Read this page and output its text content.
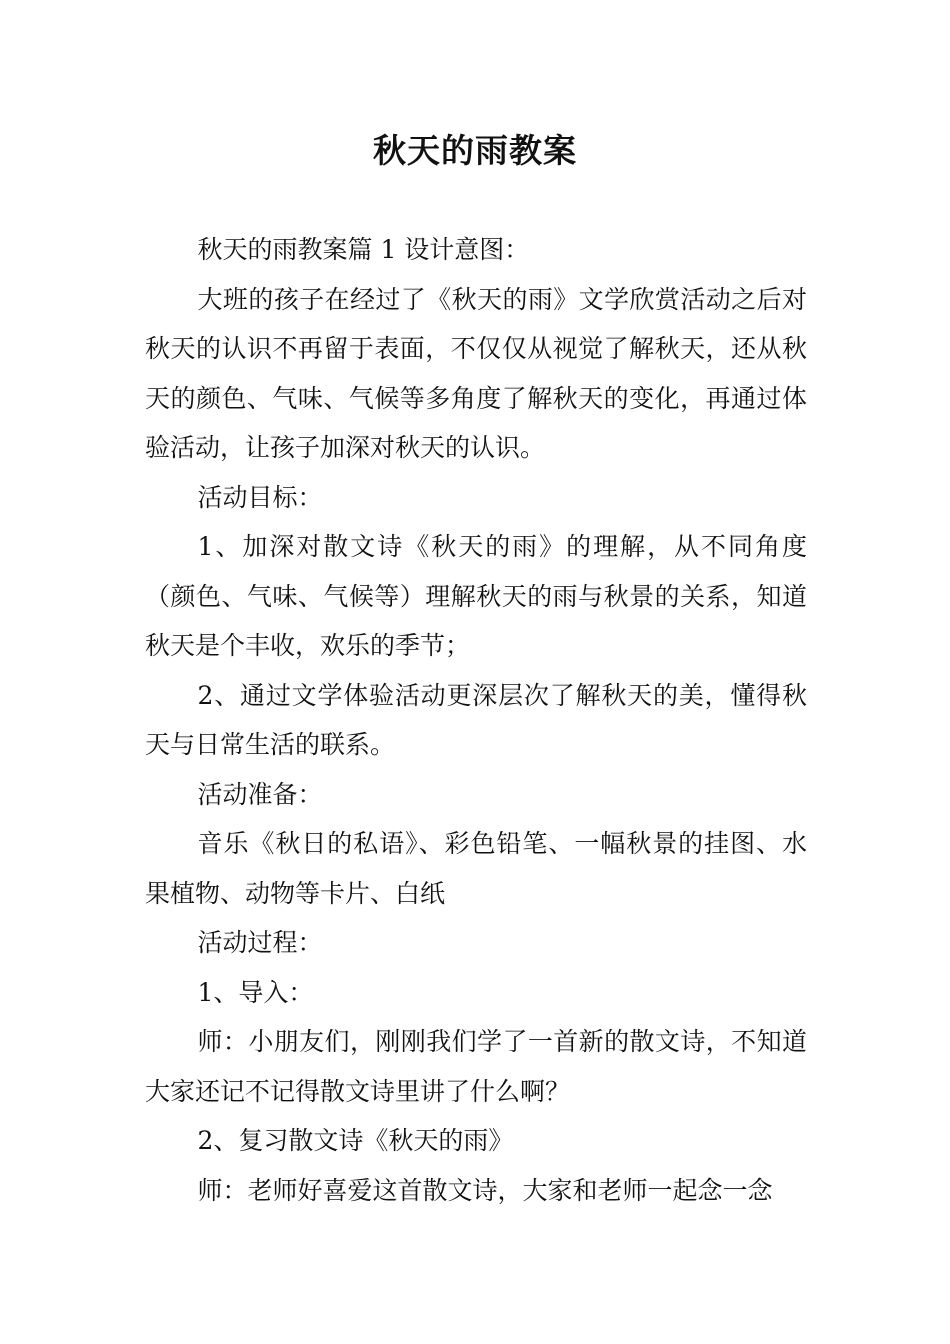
秋天的雨教案

秋天的雨教案篇 1 设计意图：

大班的孩子在经过了《秋天的雨》文学欣赏活动之后对秋天的认识不再留于表面，不仅仅从视觉了解秋天，还从秋天的颜色、气味、气候等多角度了解秋天的变化，再通过体验活动，让孩子加深对秋天的认识。

活动目标：

1、加深对散文诗《秋天的雨》的理解，从不同角度（颜色、气味、气候等）理解秋天的雨与秋景的关系，知道秋天是个丰收，欢乐的季节；

2、通过文学体验活动更深层次了解秋天的美，懂得秋天与日常生活的联系。

活动准备：

音乐《秋日的私语》、彩色铅笔、一幅秋景的挂图、水果植物、动物等卡片、白纸

活动过程：

1、导入：

师：小朋友们，刚刚我们学了一首新的散文诗，不知道大家还记不记得散文诗里讲了什么啊？

2、复习散文诗《秋天的雨》

师：老师好喜爱这首散文诗，大家和老师一起念一念
